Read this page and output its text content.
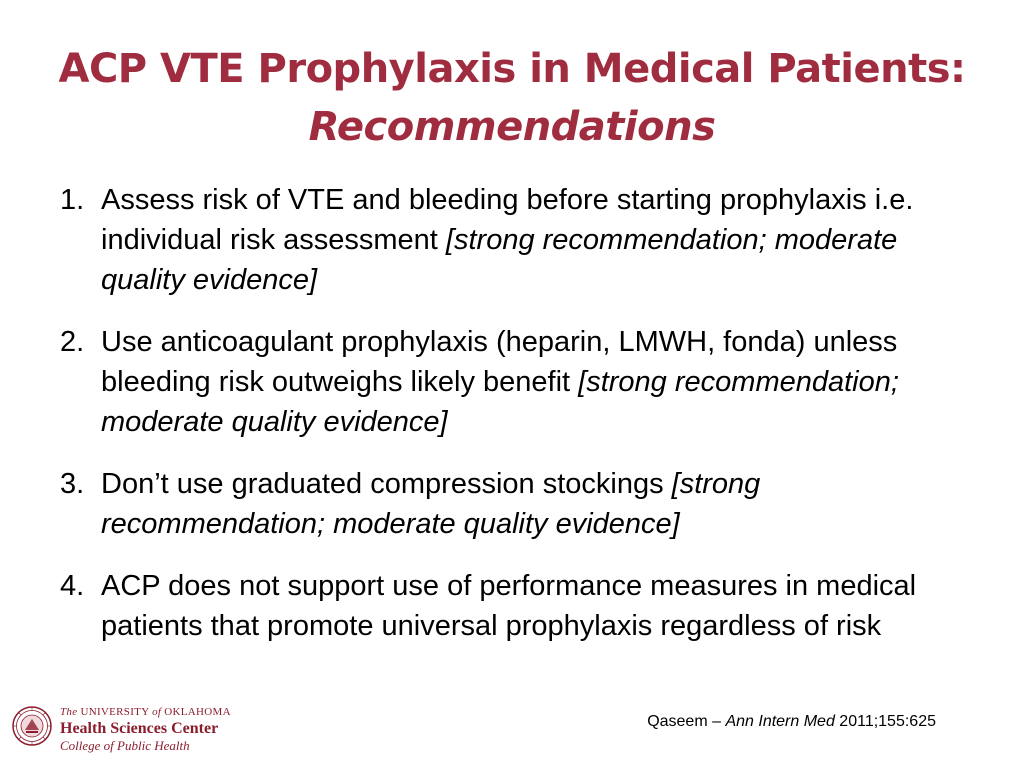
ACP VTE Prophylaxis in Medical Patients:
Recommendations
1. Assess risk of VTE and bleeding before starting prophylaxis i.e. individual risk assessment [strong recommendation; moderate quality evidence]
2. Use anticoagulant prophylaxis (heparin, LMWH, fonda) unless bleeding risk outweighs likely benefit [strong recommendation; moderate quality evidence]
3. Don’t use graduated compression stockings [strong recommendation; moderate quality evidence]
4. ACP does not support use of performance measures in medical patients that promote universal prophylaxis regardless of risk
Qaseem – Ann Intern Med 2011;155:625
The UNIVERSITY of OKLAHOMA
Health Sciences Center
College of Public Health
